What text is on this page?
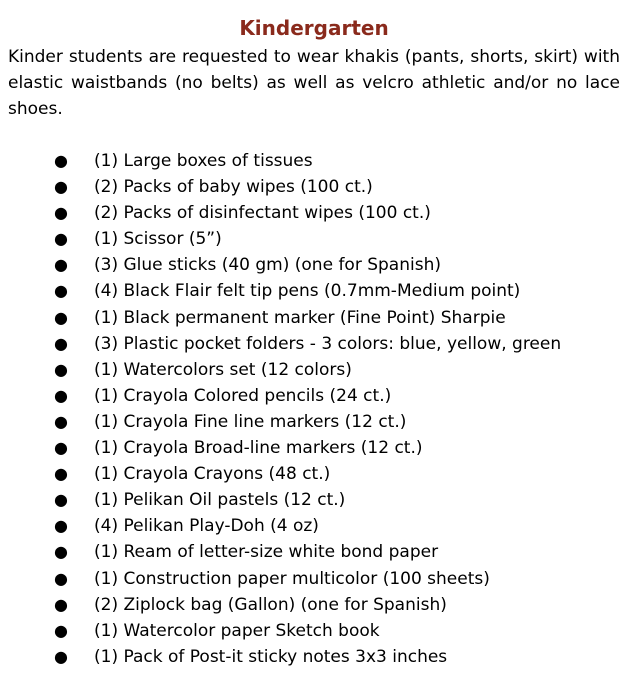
Kindergarten

Kinder students are requested to wear khakis (pants, shorts, skirt) with elastic waistbands (no belts) as well as velcro athletic and/or no lace shoes.

● (1) Large boxes of tissues
● (2) Packs of baby wipes (100 ct.)
● (2) Packs of disinfectant wipes (100 ct.)
● (1) Scissor (5”)
● (3) Glue sticks (40 gm) (one for Spanish)
● (4) Black Flair felt tip pens (0.7mm-Medium point)
● (1) Black permanent marker (Fine Point) Sharpie
● (3) Plastic pocket folders - 3 colors: blue, yellow, green
● (1) Watercolors set (12 colors)
● (1) Crayola Colored pencils (24 ct.)
● (1) Crayola Fine line markers (12 ct.)
● (1) Crayola Broad-line markers (12 ct.)
● (1) Crayola Crayons (48 ct.)
● (1) Pelikan Oil pastels (12 ct.)
● (4) Pelikan Play-Doh (4 oz)
● (1) Ream of letter-size white bond paper
● (1) Construction paper multicolor (100 sheets)
● (2) Ziplock bag (Gallon) (one for Spanish)
● (1) Watercolor paper Sketch book
● (1) Pack of Post-it sticky notes 3x3 inches
